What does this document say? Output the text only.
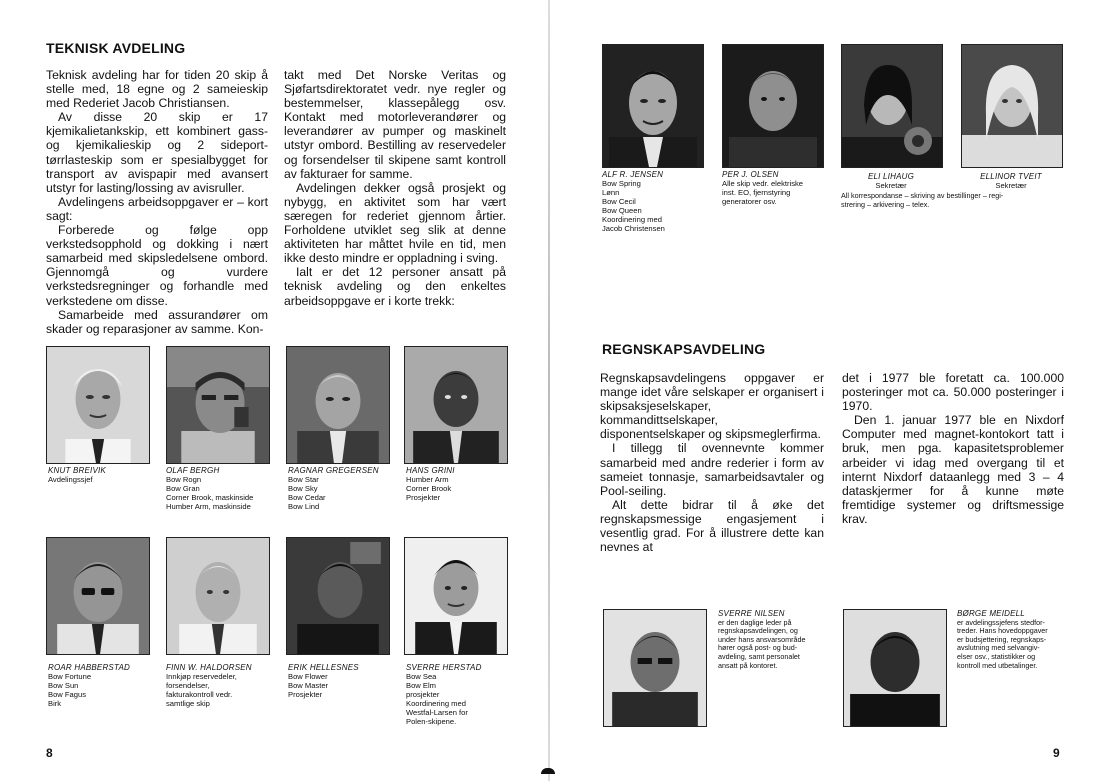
TEKNISK AVDELING

Teknisk avdeling har for tiden 20 skip å stelle med, 18 egne og 2 sameieskip med Rederiet Jacob Christiansen.

Av disse 20 skip er 17 kjemikalietankskip, ett kombinert gass- og kjemikalieskip og 2 sideport- tørrlasteskip som er spesialbygget for transport av avispapir med avansert utstyr for lasting/lossing av avisruller.

Avdelingens arbeidsoppgaver er – kort sagt:

Forberede og følge opp verkstedsopphold og dokking i nært samarbeid med skipsledelsene ombord. Gjennomgå og vurdere verkstedsregninger og forhandle med verkstedene om disse.

Samarbeide med assurandører om skader og reparasjoner av samme. Kon-

takt med Det Norske Veritas og Sjøfartsdirektoratet vedr. nye regler og bestemmelser, klassepålegg osv. Kontakt med motorleverandører og leverandører av pumper og maskinelt utstyr ombord. Bestilling av reservedeler og forsendelser til skipene samt kontroll av fakturaer for samme.

Avdelingen dekker også prosjekt og nybygg, en aktivitet som har vært særegen for rederiet gjennom årtier. Forholdene utviklet seg slik at denne aktiviteten har måttet hvile en tid, men ikke desto mindre er oppladning i sving.

Ialt er det 12 personer ansatt på teknisk avdeling og den enkeltes arbeidsoppgave er i korte trekk:

KNUT BREIVIK
Avdelingssjef
OLAF BERGH
Bow Rogn
Bow Gran
Corner Brook, maskinside
Humber Arm, maskinside
RAGNAR GREGERSEN
Bow Star
Bow Sky
Bow Cedar
Bow Lind
HANS GRINI
Humber Arm
Corner Brook
Prosjekter
ROAR HABBERSTAD
Bow Fortune
Bow Sun
Bow Fagus
Birk
FINN W. HALDORSEN
Innkjøp reservedeler,
forsendelser,
fakturakontroll vedr.
samtlige skip
ERIK HELLESNES
Bow Flower
Bow Master
Prosjekter
SVERRE HERSTAD
Bow Sea
Bow Elm
prosjekter
Koordinering med
Westfal-Larsen for
Polen-skipene.
8
ALF R. JENSEN
Bow Spring
Lønn
Bow Cecil
Bow Queen
Koordinering med
Jacob Christensen
PER J. OLSEN
Alle skip vedr. elektriske
inst. EO, fjernstyring
generatorer osv.
ELI LIHAUG
Sekretær
ELLINOR TVEIT
Sekretær
All korrespondanse – skriving av bestillinger – regi-
strering – arkivering – telex.
REGNSKAPSAVDELING

Regnskapsavdelingens oppgaver er mange idet våre selskaper er organisert i skipsaksjeselskaper, kommandittselskaper, disponentselskaper og skipsmeglerfirma.

I tillegg til ovennevnte kommer samarbeid med andre rederier i form av sameiet tonnasje, samarbeidsavtaler og Pool-seiling.

Alt dette bidrar til å øke det regnskapsmessige engasjement i vesentlig grad. For å illustrere dette kan nevnes at

det i 1977 ble foretatt ca. 100.000 posteringer mot ca. 50.000 posteringer i 1970.

Den 1. januar 1977 ble en Nixdorf Computer med magnet-kontokort tatt i bruk, men pga. kapasitetsproblemer arbeider vi idag med overgang til et internt Nixdorf dataanlegg med 3 – 4 dataskjermer for å kunne møte fremtidige systemer og driftsmessige krav.

SVERRE NILSEN
er den daglige leder på
regnskapsavdelingen, og
under hans ansvarsområde
hører også post- og bud-
avdeling, samt personalet
ansatt på kontoret.
BØRGE MEIDELL
er avdelingssjefens stedfor-
treder. Hans hovedoppgaver
er budsjettering, regnskaps-
avslutning med selvangiv-
elser osv., statistikker og
kontroll med utbetalinger.
9
